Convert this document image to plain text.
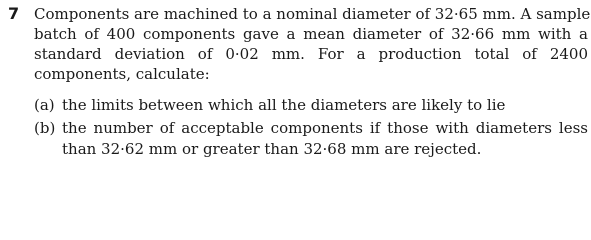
7 Components are machined to a nominal diameter of 32·65 mm. A sample
batch of 400 components gave a mean diameter of 32·66 mm with a
standard deviation of 0·02 mm. For a production total of 2400
components, calculate:
(a) the limits between which all the diameters are likely to lie
(b) the number of acceptable components if those with diameters less
than 32·62 mm or greater than 32·68 mm are rejected.
